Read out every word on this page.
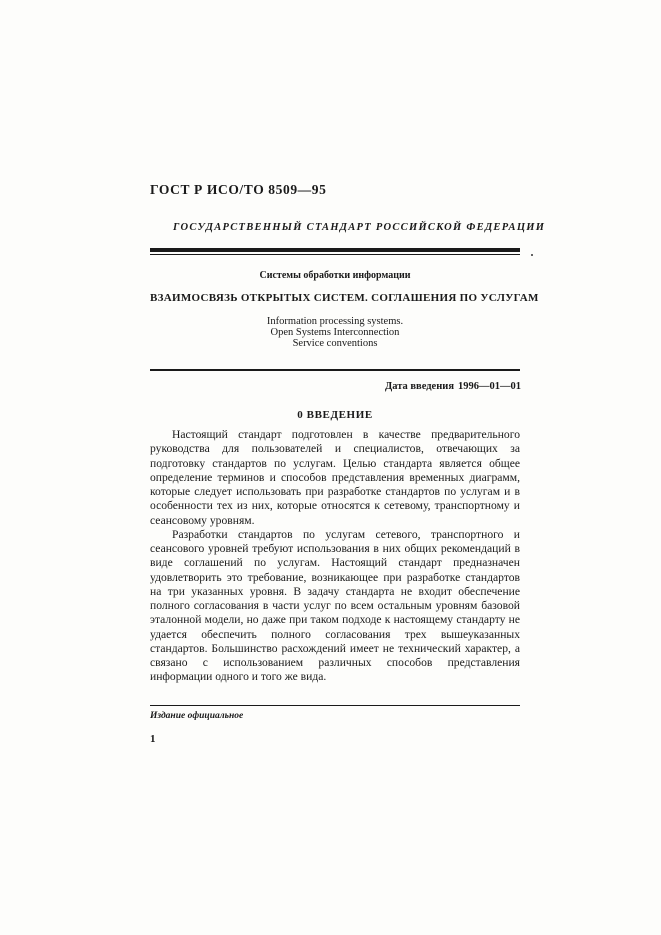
ГОСТ Р ИСО/ТО 8509—95
ГОСУДАРСТВЕННЫЙ СТАНДАРТ РОССИЙСКОЙ ФЕДЕРАЦИИ
Системы обработки информации
ВЗАИМОСВЯЗЬ ОТКРЫТЫХ СИСТЕМ. СОГЛАШЕНИЯ ПО УСЛУГАМ
Information processing systems.
Open Systems Interconnection
Service conventions
Дата введения 1996—01—01
0 ВВЕДЕНИЕ

Настоящий стандарт подготовлен в качестве предварительного руководства для пользователей и специалистов, отвечающих за подготовку стандартов по услугам. Целью стандарта является общее определение терминов и способов представления временных диаграмм, которые следует использовать при разработке стандартов по услугам и в особенности тех из них, которые относятся к сетевому, транспортному и сеансовому уровням.

Разработки стандартов по услугам сетевого, транспортного и сеансового уровней требуют использования в них общих рекомендаций в виде соглашений по услугам. Настоящий стандарт предназначен удовлетворить это требование, возникающее при разработке стандартов на три указанных уровня. В задачу стандарта не входит обеспечение полного согласования в части услуг по всем остальным уровням базовой эталонной модели, но даже при таком подходе к настоящему стандарту не удается обеспечить полного согласования трех вышеуказанных стандартов. Большинство расхождений имеет не технический характер, а связано с использованием различных способов представления информации одного и того же вида.

Издание официальное
1
